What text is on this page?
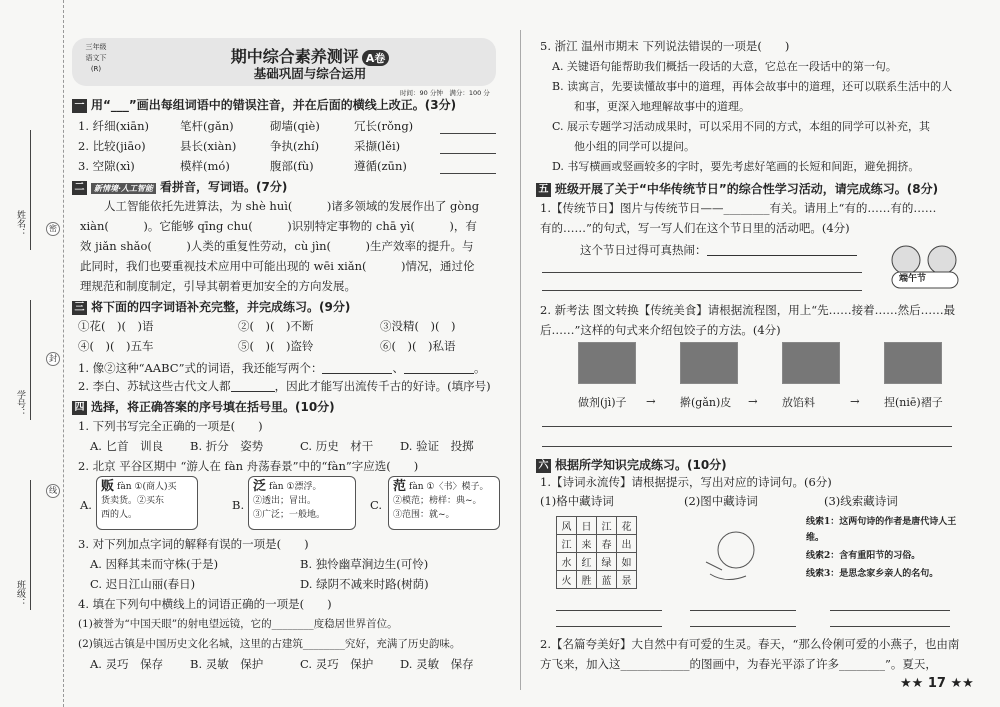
姓名：
学号：
班级：
密
封
线
三年级
语文下
(R)
期中综合素养测评 A卷
基础巩固与综合运用
时间：90 分钟　满分：100 分
一 用“___”画出每组词语中的错误注音，并在后面的横线上改正。(3分)
1. 纤细(xiān)	笔杆(gǎn)	砌墙(qiè)	冗长(rǒng)
2. 比较(jiāo)	县长(xiàn)	争执(zhí)	采撷(lěi)
3. 空隙(xì)	模样(mó)	腹部(fù)	遵循(zūn)
二 新情境·人工智能 看拼音，写词语。(7分)
人工智能依托先进算法，为 shè huì(　　　)诸多领域的发展作出了 gòng
xiàn(　　　)。它能够 qīng chu(　　　)识别特定事物的 chā yì(　　　)，有
效 jiǎn shǎo(　　　)人类的重复性劳动，cù jìn(　　　)生产效率的提升。与
此同时，我们也要重视技术应用中可能出现的 wēi xiǎn(　　　)情况，通过伦
理规范和制度制定，引导其朝着更加安全的方向发展。
三 将下面的四字词语补充完整，并完成练习。(9分)
①花(　)(　)语	②(　)(　)不断	③没精(　)(　)
④(　)(　)五车	⑤(　)(　)盗铃	⑥(　)(　)私语
1. 像②这种“AABC”式的词语，我还能写两个：	、	。
2. 李白、苏轼这些古代文人都	，因此才能写出流传千古的好诗。(填序号)
四 选择，将正确答案的序号填在括号里。(10分)
1. 下列书写完全正确的一项是(　　)
A. 匕首　训良 B. 折分　姿势	C. 历史　材干 D. 验证　投掷
2. 北京 平谷区期中 “游人在 fàn 舟荡春景”中的“fàn”字应选(　　)
A.	B.	C.
贩 fàn ①(商人)买
货卖货。②买东
西的人。
泛 fàn ①漂浮。
②透出；冒出。
③广泛；一般地。
范 fàn ①〈书〉模子。
②模范；榜样：典~。
③范围：就~。
3. 对下列加点字词的解释有误的一项是(　　)
A. 因释其耒而守株(于是)	B. 独怜幽草涧边生(可怜)
C. 迟日江山丽(春日)	D. 绿阴不减来时路(树荫)
4. 填在下列句中横线上的词语正确的一项是(　　)
(1)被誉为“中国天眼”的射电望远镜，它的________度稳居世界首位。
(2)镇远古镇是中国历史文化名城，这里的古建筑________究好，充满了历史韵味。
A. 灵巧　保存 B. 灵敏　保护	C. 灵巧　保护 D. 灵敏　保存
5. 浙江 温州市期末 下列说法错误的一项是(　　)
A. 关键语句能帮助我们概括一段话的大意，它总在一段话中的第一句。
B. 读寓言，先要读懂故事中的道理，再体会故事中的道理，还可以联系生活中的人
　　和事，更深入地理解故事中的道理。
C. 展示专题学习活动成果时，可以采用不同的方式，本组的同学可以补充，其
　　他小组的同学可以提问。
D. 书写横画或竖画较多的字时，要先考虑好笔画的长短和间距，避免拥挤。
五 班级开展了关于“中华传统节日”的综合性学习活动，请完成练习。(8分)
1.【传统节日】图片与传统节日——________有关。请用上“有的……有的……
有的……”的句式，写一写人们在这个节日里的活动吧。(4分)
这个节日过得可真热闹：
端午节
2. 新考法 图文转换【传统美食】请根据流程图，用上“先……接着……然后……最
后……”这样的句式来介绍包饺子的方法。(4分)
做剂(jì)子 → 擀(gǎn)皮 → 放馅料	→ 捏(niē)褶子
六 根据所学知识完成练习。(10分)
1.【诗词永流传】请根据提示，写出对应的诗词句。(6分)
(1)格中藏诗词	(2)图中藏诗词	(3)线索藏诗词
风	日	江	花
江	来	春	出
水	红	绿	如
火	胜	蓝	景
线索1：这两句诗的作者是唐代诗人王维。
线索2：含有重阳节的习俗。
线索3：是思念家乡亲人的名句。
2.【名篇夸美好】大自然中有可爱的生灵。春天，“那么伶俐可爱的小燕子，也由南
方飞来，加入这____________的图画中，为春光平添了许多________”。夏天，
★★ 17 ★★
